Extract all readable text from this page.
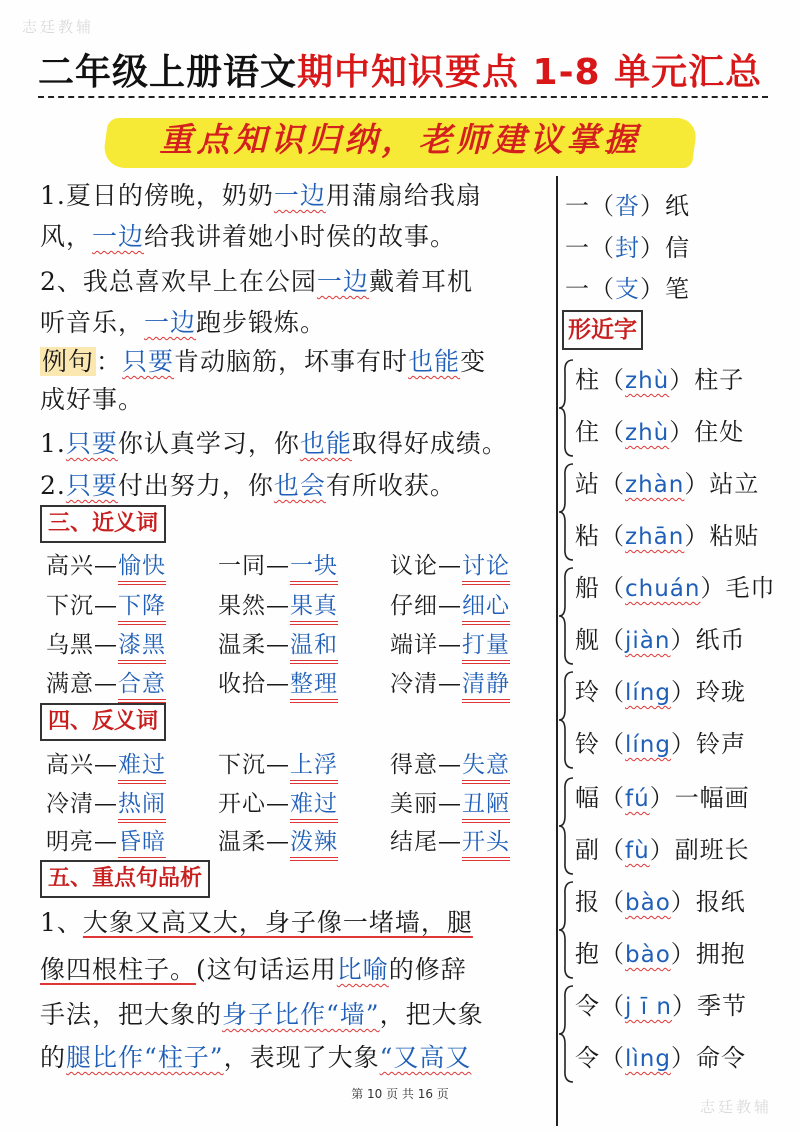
志廷教辅
志廷教辅
二年级上册语文期中知识要点 1-8 单元汇总
重点知识归纳，老师建议掌握
1.夏日的傍晚，奶奶一边用蒲扇给我扇
风，一边给我讲着她小时侯的故事。
2、我总喜欢早上在公园一边戴着耳机
听音乐，一边跑步锻炼。
例句：只要肯动脑筋，坏事有时也能变
成好事。
1.只要你认真学习，你也能取得好成绩。
2.只要付出努力，你也会有所收获。
三、近义词
高兴—愉快 一同—一块 议论—讨论
下沉—下降 果然—果真 仔细—细心
乌黑—漆黑 温柔—温和 端详—打量
满意—合意 收拾—整理 冷清—清静
四、反义词
高兴—难过 下沉—上浮 得意—失意
冷清—热闹 开心—难过 美丽—丑陋
明亮—昏暗 温柔—泼辣 结尾—开头
五、重点句品析
1、大象又高又大，身子像一堵墙，腿
像四根柱子。(这句话运用比喻的修辞
手法，把大象的身子比作“墙”，把大象
的腿比作“柱子”，表现了大象“又高又
一（沓）纸
一（封）信
一（支）笔
形近字
柱（zhù）柱子
住（zhù）住处
站（zhàn）站立
粘（zhān）粘贴
船（chuán）毛巾
舰（jiàn）纸币
玲（líng）玲珑
铃（líng）铃声
幅（fú）一幅画
副（fù）副班长
报（bào）报纸
抱（bào）拥抱
令（j ī n）季节
令（lìng）命令
第 10 页 共 16 页
